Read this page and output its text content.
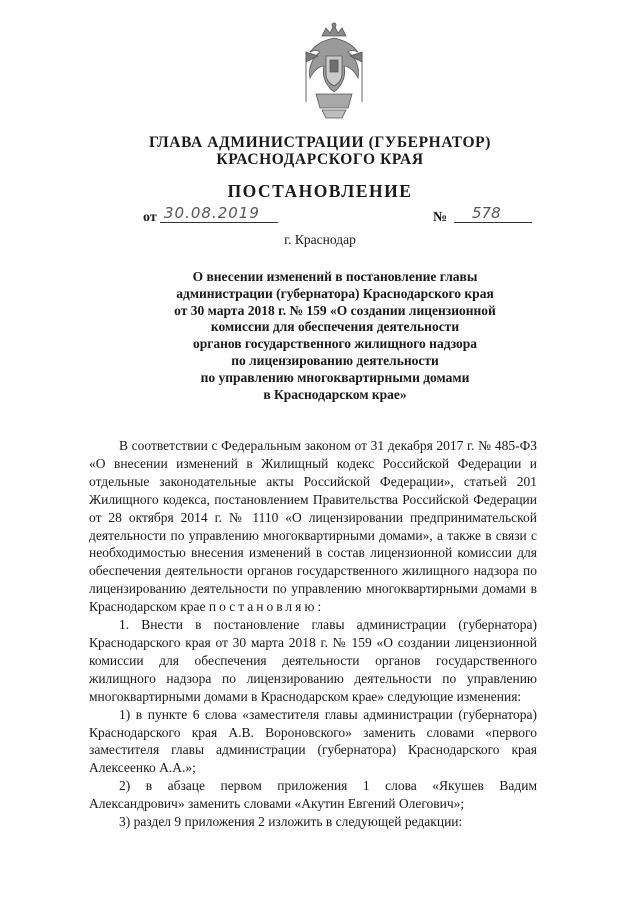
ГЛАВА АДМИНИСТРАЦИИ (ГУБЕРНАТОР)
КРАСНОДАРСКОГО КРАЯ
ПОСТАНОВЛЕНИЕ
от 30.08.2019	№	578
г. Краснодар
О внесении изменений в постановление главы
администрации (губернатора) Краснодарского края
от 30 марта 2018 г. № 159 «О создании лицензионной
комиссии для обеспечения деятельности
органов государственного жилищного надзора
по лицензированию деятельности
по управлению многоквартирными домами
в Краснодарском крае»

В соответствии с Федеральным законом от 31 декабря 2017 г. № 485-ФЗ «О внесении изменений в Жилищный кодекс Российской Федерации и отдельные законодательные акты Российской Федерации», статьей 201 Жилищного кодекса, постановлением Правительства Российской Федерации от 28 октября 2014 г. № 1110 «О лицензировании предпринимательской деятельности по управлению многоквартирными домами», а также в связи с необходимостью внесения изменений в состав лицензионной комиссии для обеспечения деятельности органов государственного жилищного надзора по лицензированию деятельности по управлению многоквартирными домами в Краснодарском крае постановляю:

1. Внести в постановление главы администрации (губернатора) Краснодарского края от 30 марта 2018 г. № 159 «О создании лицензионной комиссии для обеспечения деятельности органов государственного жилищного надзора по лицензированию деятельности по управлению многоквартирными домами в Краснодарском крае» следующие изменения:

1) в пункте 6 слова «заместителя главы администрации (губернатора) Краснодарского края А.В. Вороновского» заменить словами «первого заместителя главы администрации (губернатора) Краснодарского края Алексеенко А.А.»;

2) в абзаце первом приложения 1 слова «Якушев Вадим Александрович» заменить словами «Акутин Евгений Олегович»;

3) раздел 9 приложения 2 изложить в следующей редакции:
